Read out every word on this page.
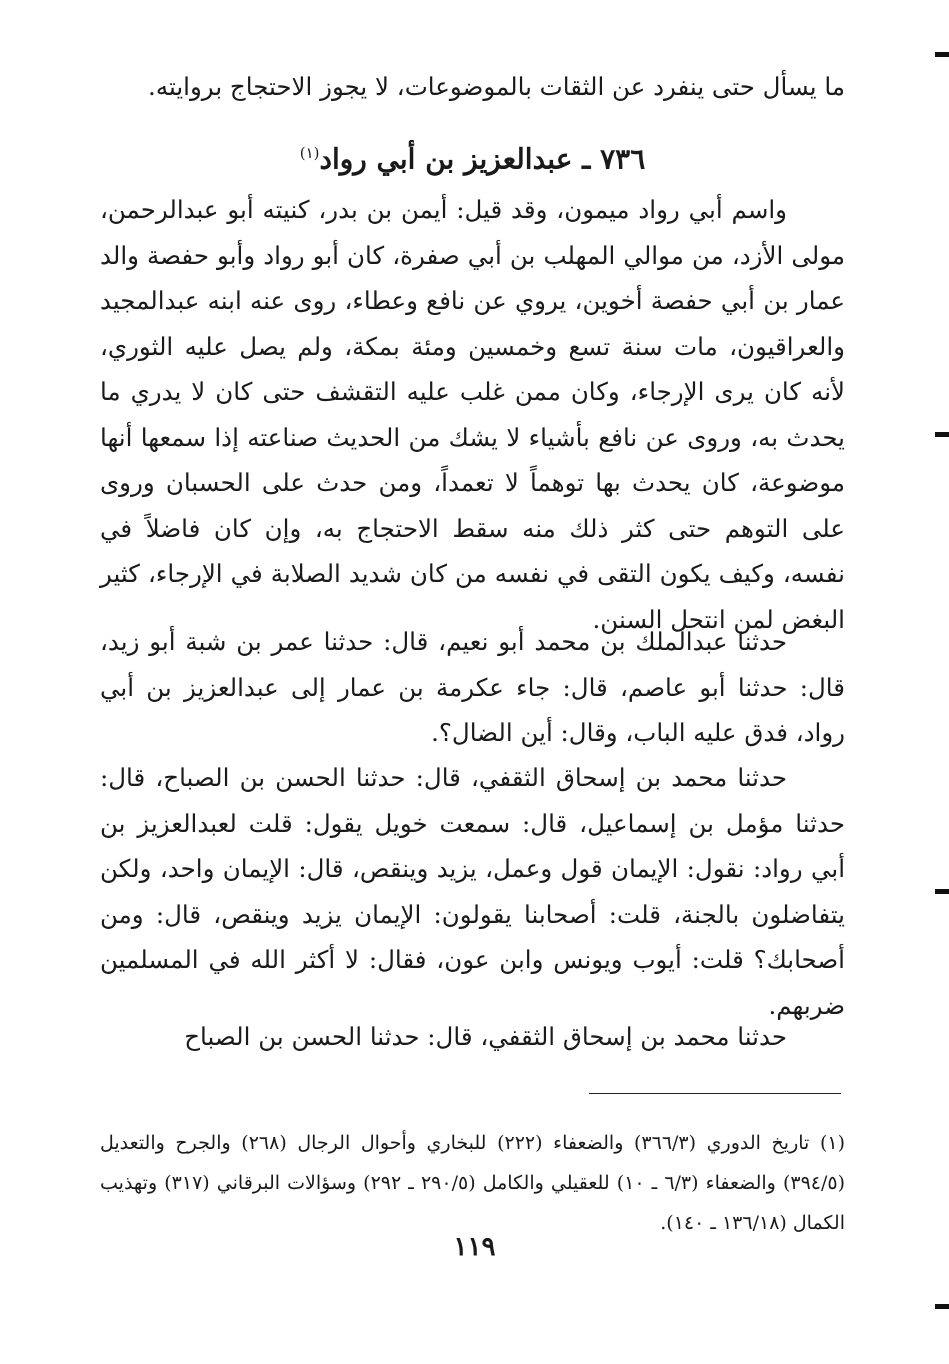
ما يسأل حتى ينفرد عن الثقات بالموضوعات، لا يجوز الاحتجاج بروايته.

٧٣٦ ـ عبدالعزيز بن أبي رواد$^{(١)}$

واسم أبي رواد ميمون، وقد قيل: أيمن بن بدر، كنيته أبو عبدالرحمن، مولى الأزد، من موالي المهلب بن أبي صفرة، كان أبو رواد وأبو حفصة والد عمار بن أبي حفصة أخوين، يروي عن نافع وعطاء، روى عنه ابنه عبدالمجيد والعراقيون، مات سنة تسع وخمسين ومئة بمكة، ولم يصل عليه الثوري، لأنه كان يرى الإرجاء، وكان ممن غلب عليه التقشف حتى كان لا يدري ما يحدث به، وروى عن نافع بأشياء لا يشك من الحديث صناعته إذا سمعها أنها موضوعة، كان يحدث بها توهماً لا تعمداً، ومن حدث على الحسبان وروى على التوهم حتى كثر ذلك منه سقط الاحتجاج به، وإن كان فاضلاً في نفسه، وكيف يكون التقى في نفسه من كان شديد الصلابة في الإرجاء، كثير البغض لمن انتحل السنن.

حدثنا عبدالملك بن محمد أبو نعيم، قال: حدثنا عمر بن شبة أبو زيد، قال: حدثنا أبو عاصم، قال: جاء عكرمة بن عمار إلى عبدالعزيز بن أبي رواد، فدق عليه الباب، وقال: أين الضال؟.

حدثنا محمد بن إسحاق الثقفي، قال: حدثنا الحسن بن الصباح، قال: حدثنا مؤمل بن إسماعيل، قال: سمعت خويل يقول: قلت لعبدالعزيز بن أبي رواد: نقول: الإيمان قول وعمل، يزيد وينقص، قال: الإيمان واحد، ولكن يتفاضلون بالجنة، قلت: أصحابنا يقولون: الإيمان يزيد وينقص، قال: ومن أصحابك؟ قلت: أيوب ويونس وابن عون، فقال: لا أكثر الله في المسلمين ضربهم.

حدثنا محمد بن إسحاق الثقفي، قال: حدثنا الحسن بن الصباح

(١) تاريخ الدوري (٣٦٦/٣) والضعفاء (٢٢٢) للبخاري وأحوال الرجال (٢٦٨) والجرح والتعديل (٣٩٤/٥) والضعفاء (٦/٣ ـ ١٠) للعقيلي والكامل (٢٩٠/٥ ـ ٢٩٢) وسؤالات البرقاني (٣١٧) وتهذيب الكمال (١٣٦/١٨ ـ ١٤٠).

١١٩
